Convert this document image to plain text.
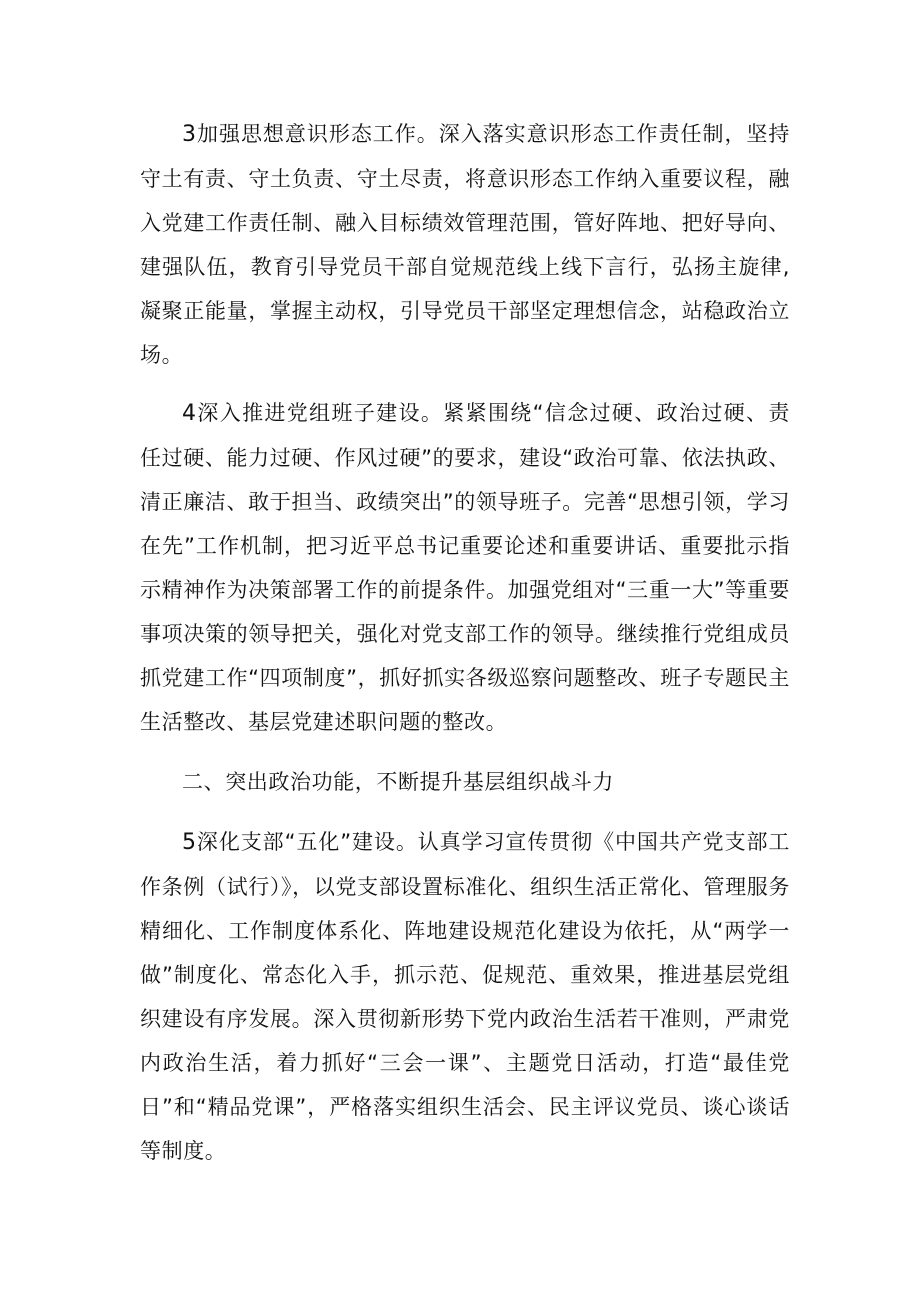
3加强思想意识形态工作。深入落实意识形态工作责任制，坚持守土有责、守土负责、守土尽责，将意识形态工作纳入重要议程，融入党建工作责任制、融入目标绩效管理范围，管好阵地、把好导向、建强队伍，教育引导党员干部自觉规范线上线下言行，弘扬主旋律,凝聚正能量，掌握主动权，引导党员干部坚定理想信念，站稳政治立场。

4深入推进党组班子建设。紧紧围绕“信念过硬、政治过硬、责任过硬、能力过硬、作风过硬”的要求，建设“政治可靠、依法执政、清正廉洁、敢于担当、政绩突出”的领导班子。完善“思想引领，学习在先”工作机制，把习近平总书记重要论述和重要讲话、重要批示指示精神作为决策部署工作的前提条件。加强党组对“三重一大”等重要事项决策的领导把关，强化对党支部工作的领导。继续推行党组成员抓党建工作“四项制度”，抓好抓实各级巡察问题整改、班子专题民主生活整改、基层党建述职问题的整改。

二、突出政治功能，不断提升基层组织战斗力

5深化支部“五化”建设。认真学习宣传贯彻《中国共产党支部工作条例（试行）》，以党支部设置标准化、组织生活正常化、管理服务精细化、工作制度体系化、阵地建设规范化建设为依托，从“两学一做”制度化、常态化入手，抓示范、促规范、重效果，推进基层党组织建设有序发展。深入贯彻新形势下党内政治生活若干准则，严肃党内政治生活，着力抓好“三会一课”、主题党日活动，打造“最佳党日”和“精品党课”，严格落实组织生活会、民主评议党员、谈心谈话等制度。
